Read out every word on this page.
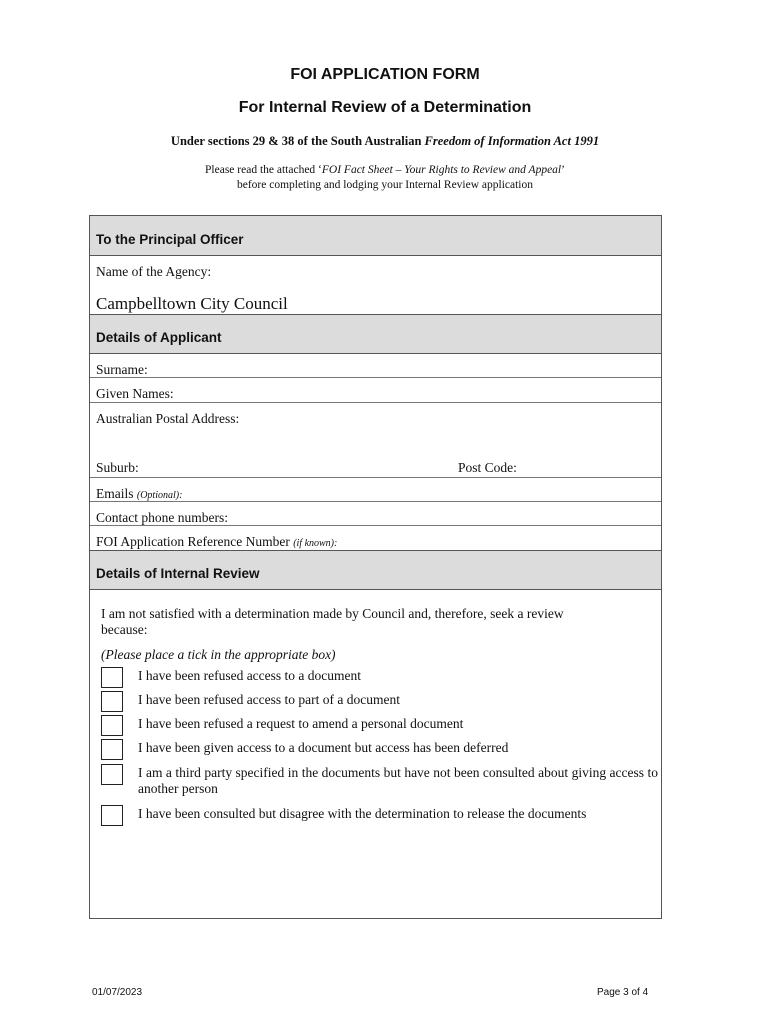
FOI APPLICATION FORM
For Internal Review of a Determination
Under sections 29 & 38 of the South Australian Freedom of Information Act 1991
Please read the attached ‘FOI Fact Sheet – Your Rights to Review and Appeal’
before completing and lodging your Internal Review application
To the Principal Officer
Name of the Agency:
Campbelltown City Council
Details of Applicant
Surname:
Given Names:
Australian Postal Address:
Suburb:	Post Code:
Emails (Optional):
Contact phone numbers:
FOI Application Reference Number (if known):
Details of Internal Review
I am not satisfied with a determination made by Council and, therefore, seek a review because:
(Please place a tick in the appropriate box)
I have been refused access to a document
I have been refused access to part of a document
I have been refused a request to amend a personal document
I have been given access to a document but access has been deferred
I am a third party specified in the documents but have not been consulted about giving access to another person
I have been consulted but disagree with the determination to release the documents
01/07/2023	Page 3 of 4
